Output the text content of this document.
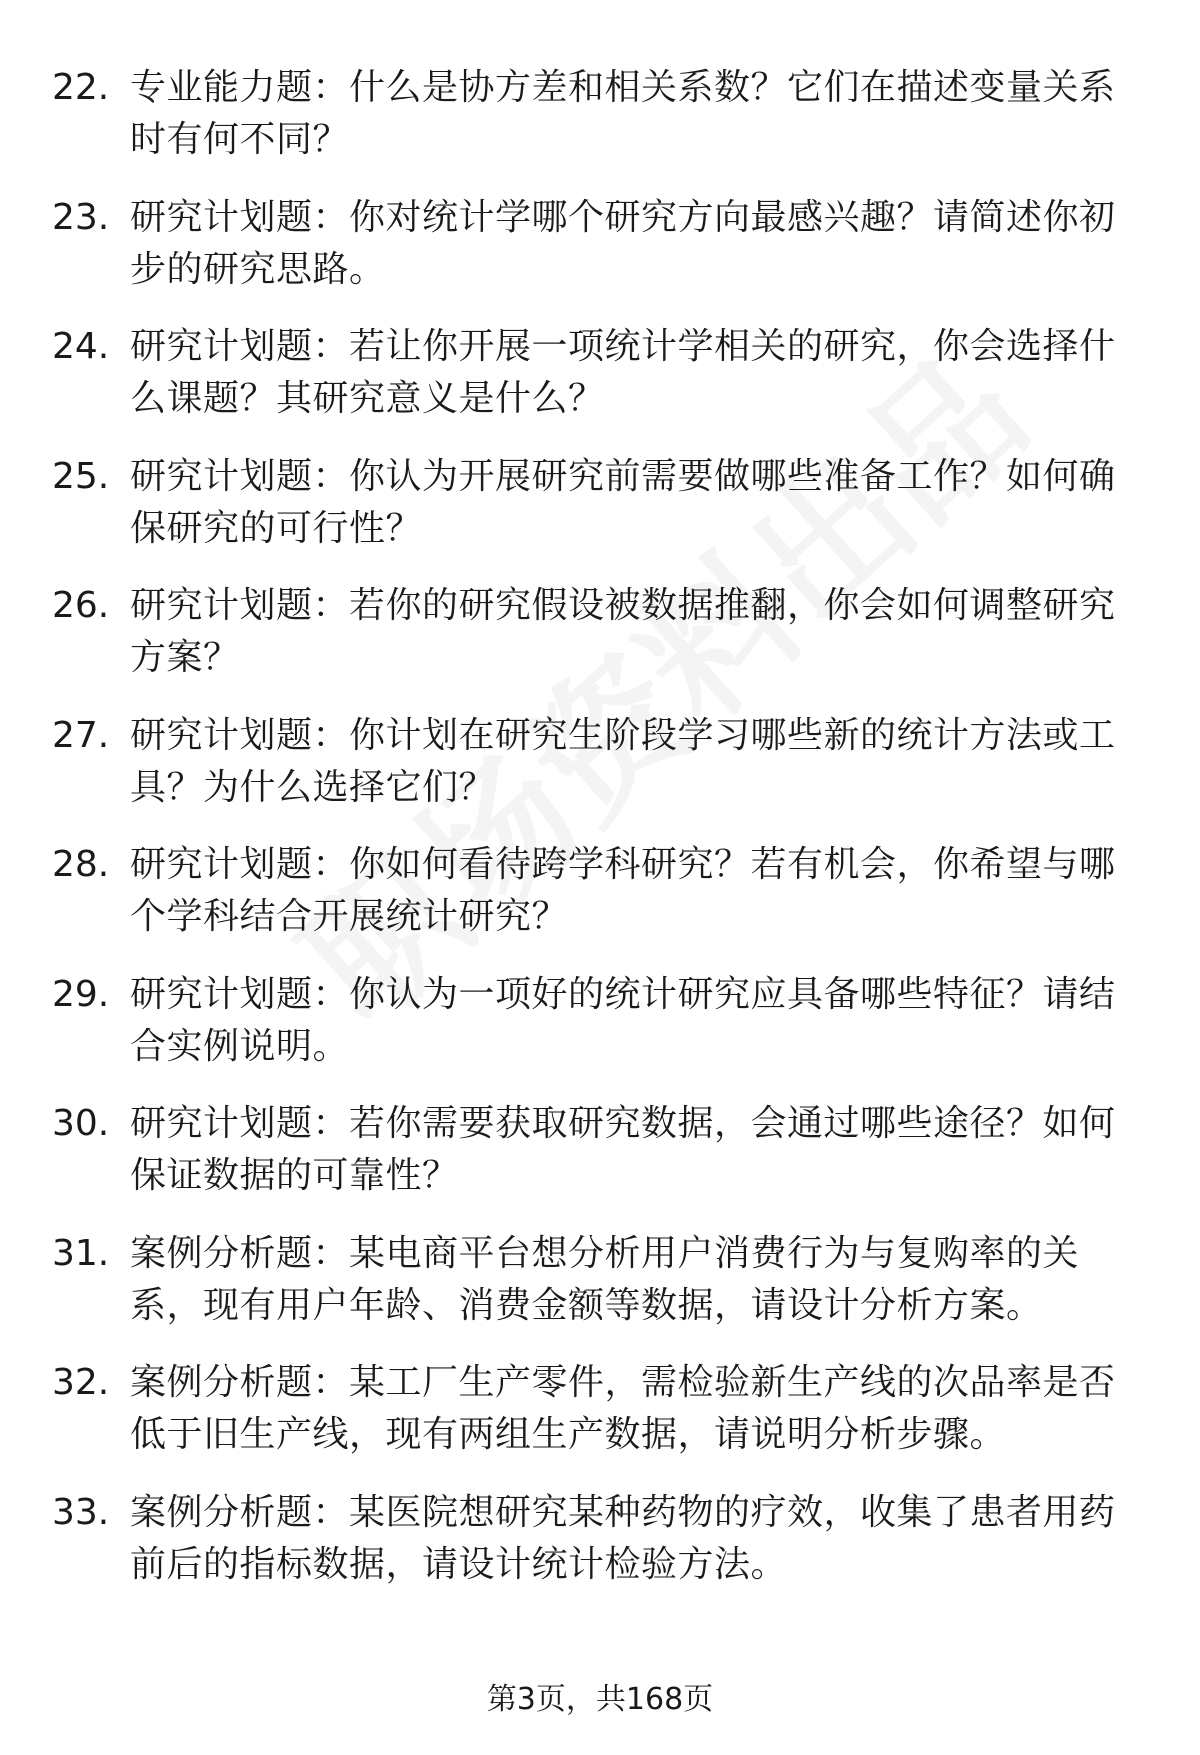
22. 专业能力题：什么是协方差和相关系数？它们在描述变量关系时有何不同？
23. 研究计划题：你对统计学哪个研究方向最感兴趣？请简述你初步的研究思路。
24. 研究计划题：若让你开展一项统计学相关的研究，你会选择什么课题？其研究意义是什么？
25. 研究计划题：你认为开展研究前需要做哪些准备工作？如何确保研究的可行性？
26. 研究计划题：若你的研究假设被数据推翻，你会如何调整研究方案？
27. 研究计划题：你计划在研究生阶段学习哪些新的统计方法或工具？为什么选择它们？
28. 研究计划题：你如何看待跨学科研究？若有机会，你希望与哪个学科结合开展统计研究？
29. 研究计划题：你认为一项好的统计研究应具备哪些特征？请结合实例说明。
30. 研究计划题：若你需要获取研究数据，会通过哪些途径？如何保证数据的可靠性？
31. 案例分析题：某电商平台想分析用户消费行为与复购率的关系，现有用户年龄、消费金额等数据，请设计分析方案。
32. 案例分析题：某工厂生产零件，需检验新生产线的次品率是否低于旧生产线，现有两组生产数据，请说明分析步骤。
33. 案例分析题：某医院想研究某种药物的疗效，收集了患者用药前后的指标数据，请设计统计检验方法。
第3页，共168页
